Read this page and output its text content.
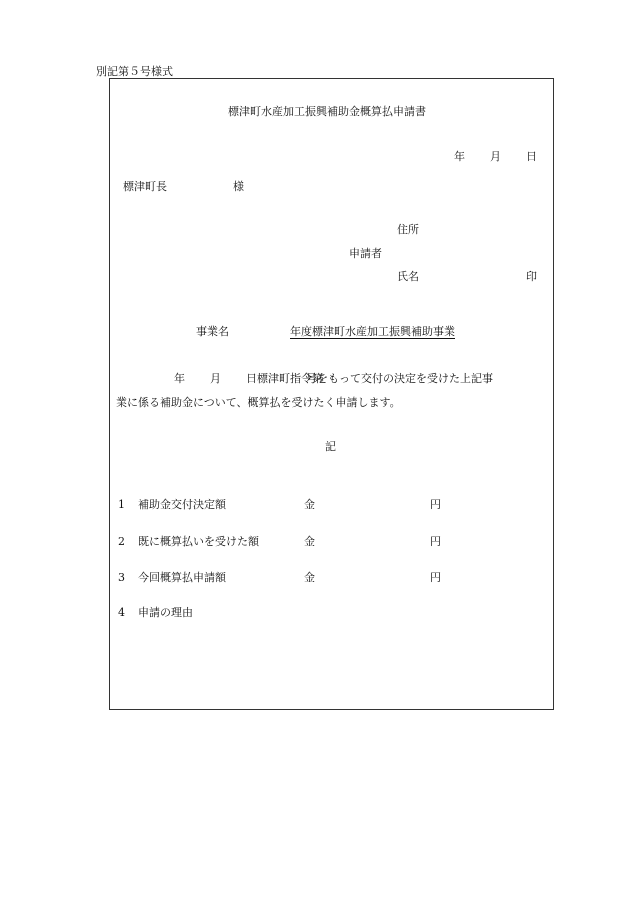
別記第５号様式
標津町水産加工振興補助金概算払申請書
年 月 日
標津町長	様
住所
申請者
氏名	印
事業名	年度標津町水産加工振興補助事業
年 月 日標津町指令第号をもって交付の決定を受けた上記事
業に係る補助金について、概算払を受けたく申請します。
記
1 補助金交付決定額	金	円
2 既に概算払いを受けた額	金	円
3 今回概算払申請額	金	円
4 申請の理由
